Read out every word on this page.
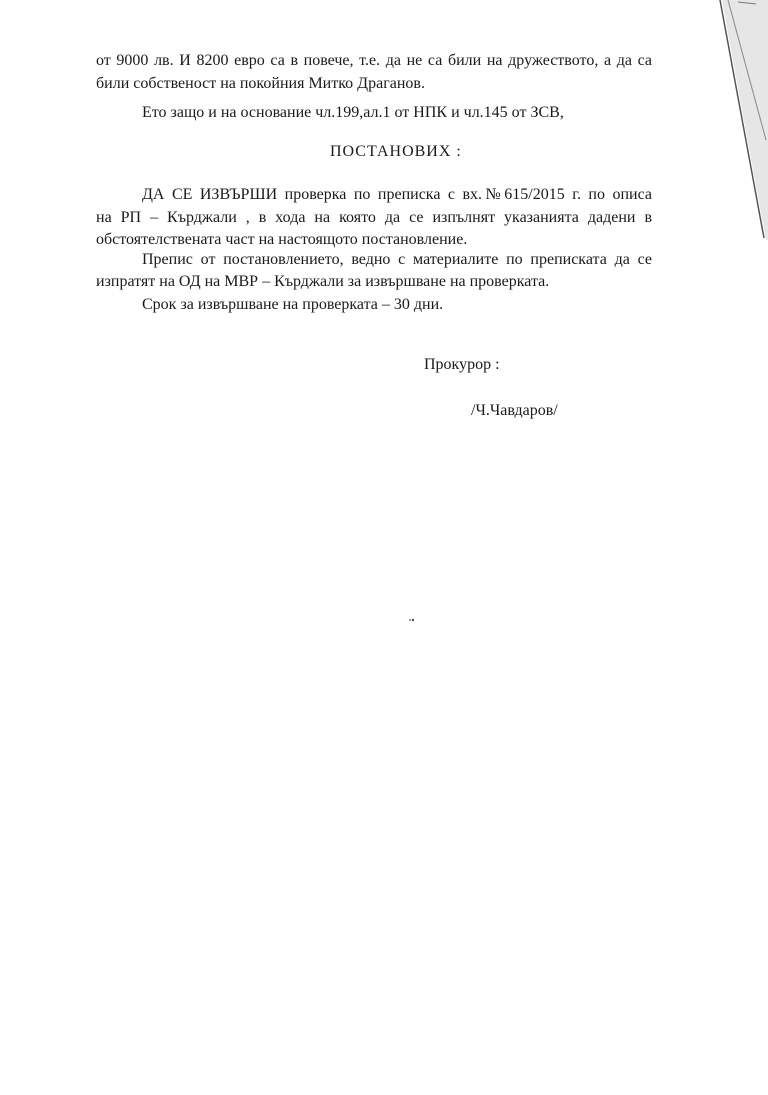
от 9000 лв. И 8200 евро са в повече, т.е. да не са били на дружеството, а да са
били собственост на покойния Митко Драганов.
Ето защо и на основание чл.199,ал.1 от НПК и чл.145 от ЗСВ,
ПОСТАНОВИХ :
ДА СЕ ИЗВЪРШИ проверка по преписка с вх.№615/2015 г. по описа
на РП – Кърджали , в хода на която да се изпълнят указанията дадени в
обстоятелствената част на настоящото постановление.
Препис от постановлението, ведно с материалите по преписката да се
изпратят на ОД на МВР – Кърджали за извършване на проверката.
Срок за извършване на проверката – 30 дни.
Прокурор :
/Ч.Чавдаров/
